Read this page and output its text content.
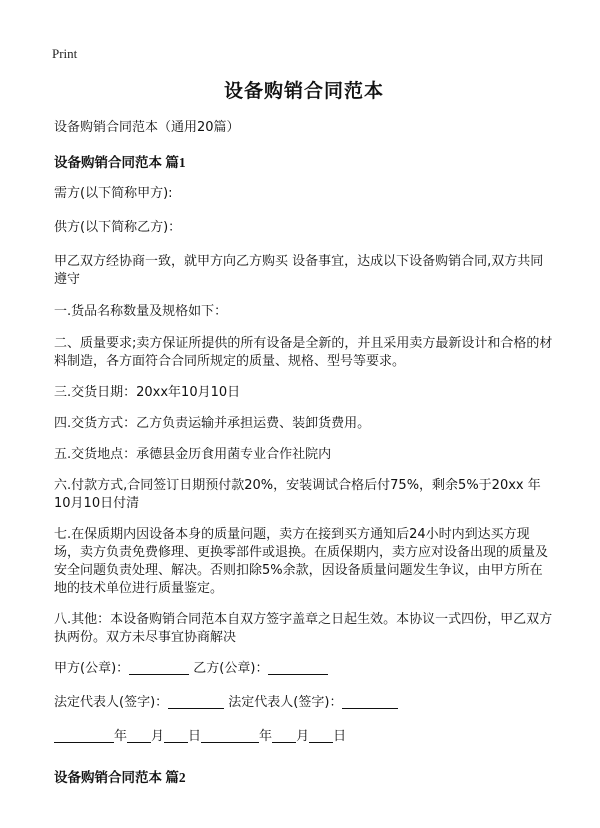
Print
设备购销合同范本
设备购销合同范本（通用20篇）
设备购销合同范本 篇1
需方(以下简称甲方):
供方(以下简称乙方)：
甲乙双方经协商一致，就甲方向乙方购买 设备事宜，达成以下设备购销合同,双方共同遵守
一.货品名称数量及规格如下：
二、质量要求;卖方保证所提供的所有设备是全新的，并且采用卖方最新设计和合格的材料制造，各方面符合合同所规定的质量、规格、型号等要求。
三.交货日期：20xx年10月10日
四.交货方式：乙方负责运输并承担运费、装卸货费用。
五.交货地点：承德县金历食用菌专业合作社院内
六.付款方式,合同签订日期预付款20%，安装调试合格后付75%，剩余5%于20xx 年10月10日付清
七.在保质期内因设备本身的质量问题，卖方在接到买方通知后24小时内到达买方现场，卖方负责免费修理、更换零部件或退换。在质保期内，卖方应对设备出现的质量及安全问题负责处理、解决。否则扣除5%余款，因设备质量问题发生争议，由甲方所在地的技术单位进行质量鉴定。
八.其他：本设备购销合同范本自双方签字盖章之日起生效。本协议一式四份，甲乙双方执两份。双方未尽事宜协商解决
甲方(公章)：	乙方(公章)：
法定代表人(签字)：	法定代表人(签字)：
年 月 日	年 月 日
设备购销合同范本 篇2
